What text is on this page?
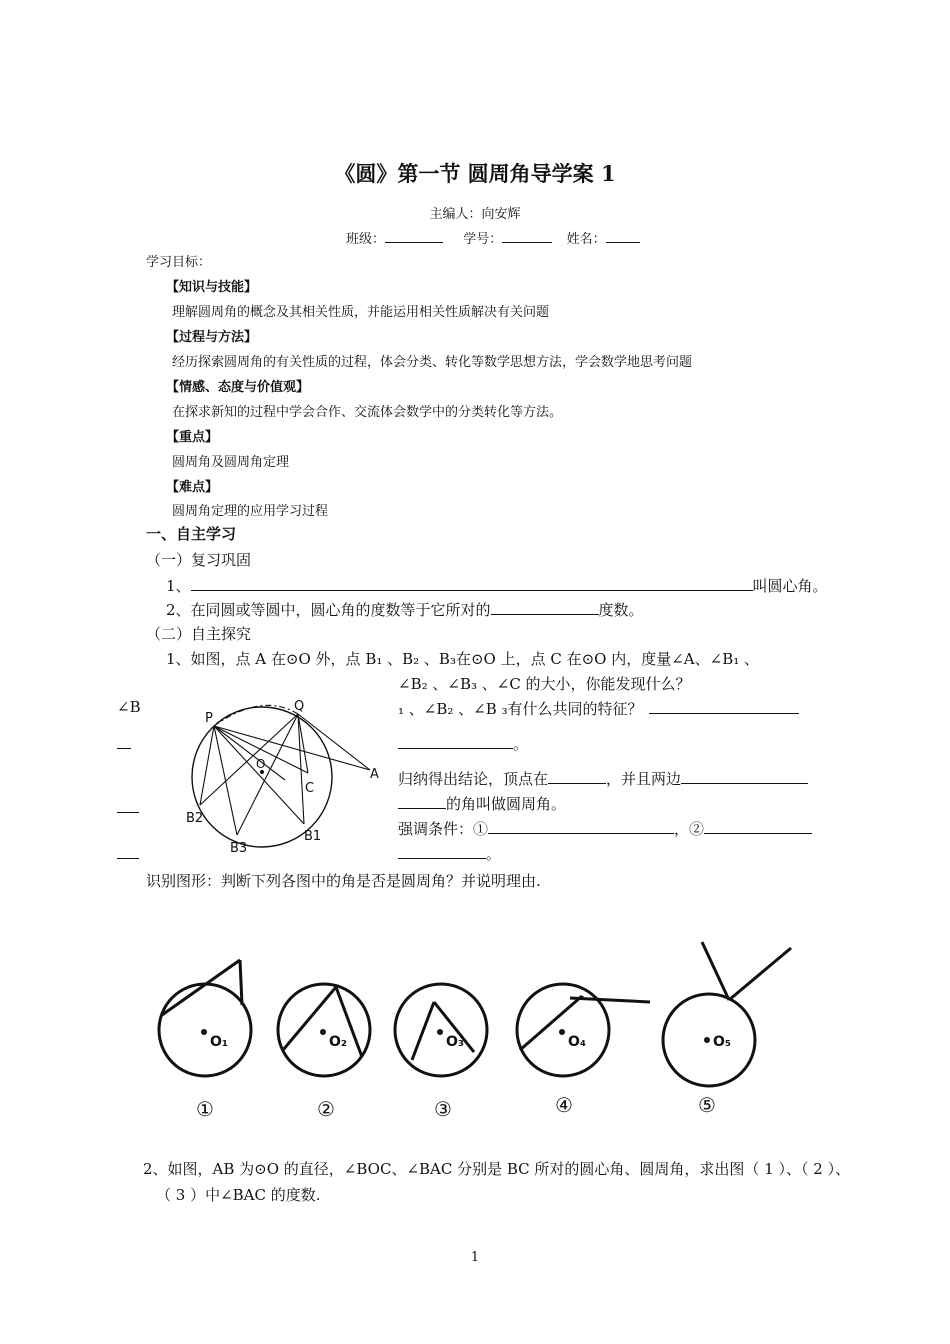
《圆》第一节 圆周角导学案 1
主编人：向安辉
班级：	学号：	姓名：
学习目标：
【知识与技能】
理解圆周角的概念及其相关性质，并能运用相关性质解决有关问题
【过程与方法】
经历探索圆周角的有关性质的过程，体会分类、转化等数学思想方法，学会数学地思考问题
【情感、态度与价值观】
在探求新知的过程中学会合作、交流体会数学中的分类转化等方法。
【重点】
圆周角及圆周角定理
【难点】
圆周角定理的应用学习过程
一、自主学习
（一）复习巩固
1、	叫圆心角。
2、在同圆或等圆中，圆心角的度数等于它所对的	度数。
（二）自主探究
1、如图，点 A 在⊙O 外，点 B₁ 、B₂ 、B₃在⊙O 上，点 C 在⊙O 内，度量∠A、∠B₁ 、
∠B₂ 、∠B₃ 、∠C 的大小，你能发现什么？
∠B	₁ 、∠B₂ 、∠B ₃有什么共同的特征？
。
归纳得出结论，顶点在	，并且两边
的角叫做圆周角。
强调条件：①	，②
。
识别图形：判断下列各图中的角是否是圆周角？并说明理由.
P
Q
O
C
A
B2
B3
B1
O₁	O₂	O₃	O₄	O₅
①	②	③	④	⑤
2、如图，AB 为⊙O 的直径，∠BOC、∠BAC 分别是 BC 所对的圆心角、圆周角，求出图（ 1 ）、（ 2 ）、
（ 3 ）中∠BAC 的度数.
1
